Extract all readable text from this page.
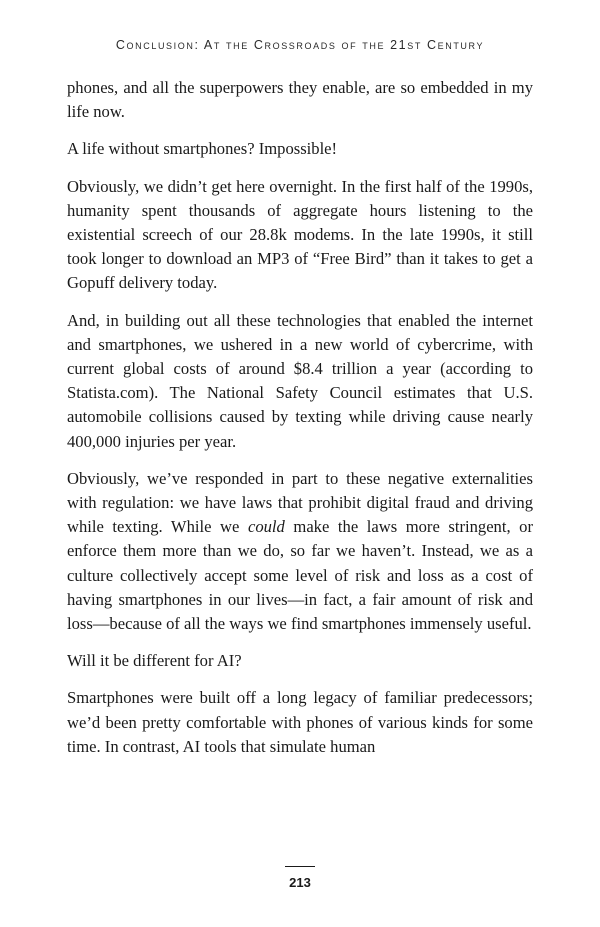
Conclusion: At the Crossroads of the 21st Century

phones, and all the superpowers they enable, are so embedded in my life now.

A life without smartphones? Impossible!

Obviously, we didn’t get here overnight. In the first half of the 1990s, humanity spent thousands of aggregate hours listening to the existential screech of our 28.8k modems. In the late 1990s, it still took longer to download an MP3 of “Free Bird” than it takes to get a Gopuff delivery today.

And, in building out all these technologies that enabled the internet and smartphones, we ushered in a new world of cybercrime, with current global costs of around $8.4 trillion a year (according to Statista.com). The National Safety Council estimates that U.S. automobile collisions caused by texting while driving cause nearly 400,000 injuries per year.

Obviously, we’ve responded in part to these negative externalities with regulation: we have laws that prohibit digital fraud and driving while texting. While we could make the laws more stringent, or enforce them more than we do, so far we haven’t. Instead, we as a culture collectively accept some level of risk and loss as a cost of having smartphones in our lives—in fact, a fair amount of risk and loss—because of all the ways we find smartphones immensely useful.

Will it be different for AI?

Smartphones were built off a long legacy of familiar predecessors; we’d been pretty comfortable with phones of various kinds for some time. In contrast, AI tools that simulate human

213
